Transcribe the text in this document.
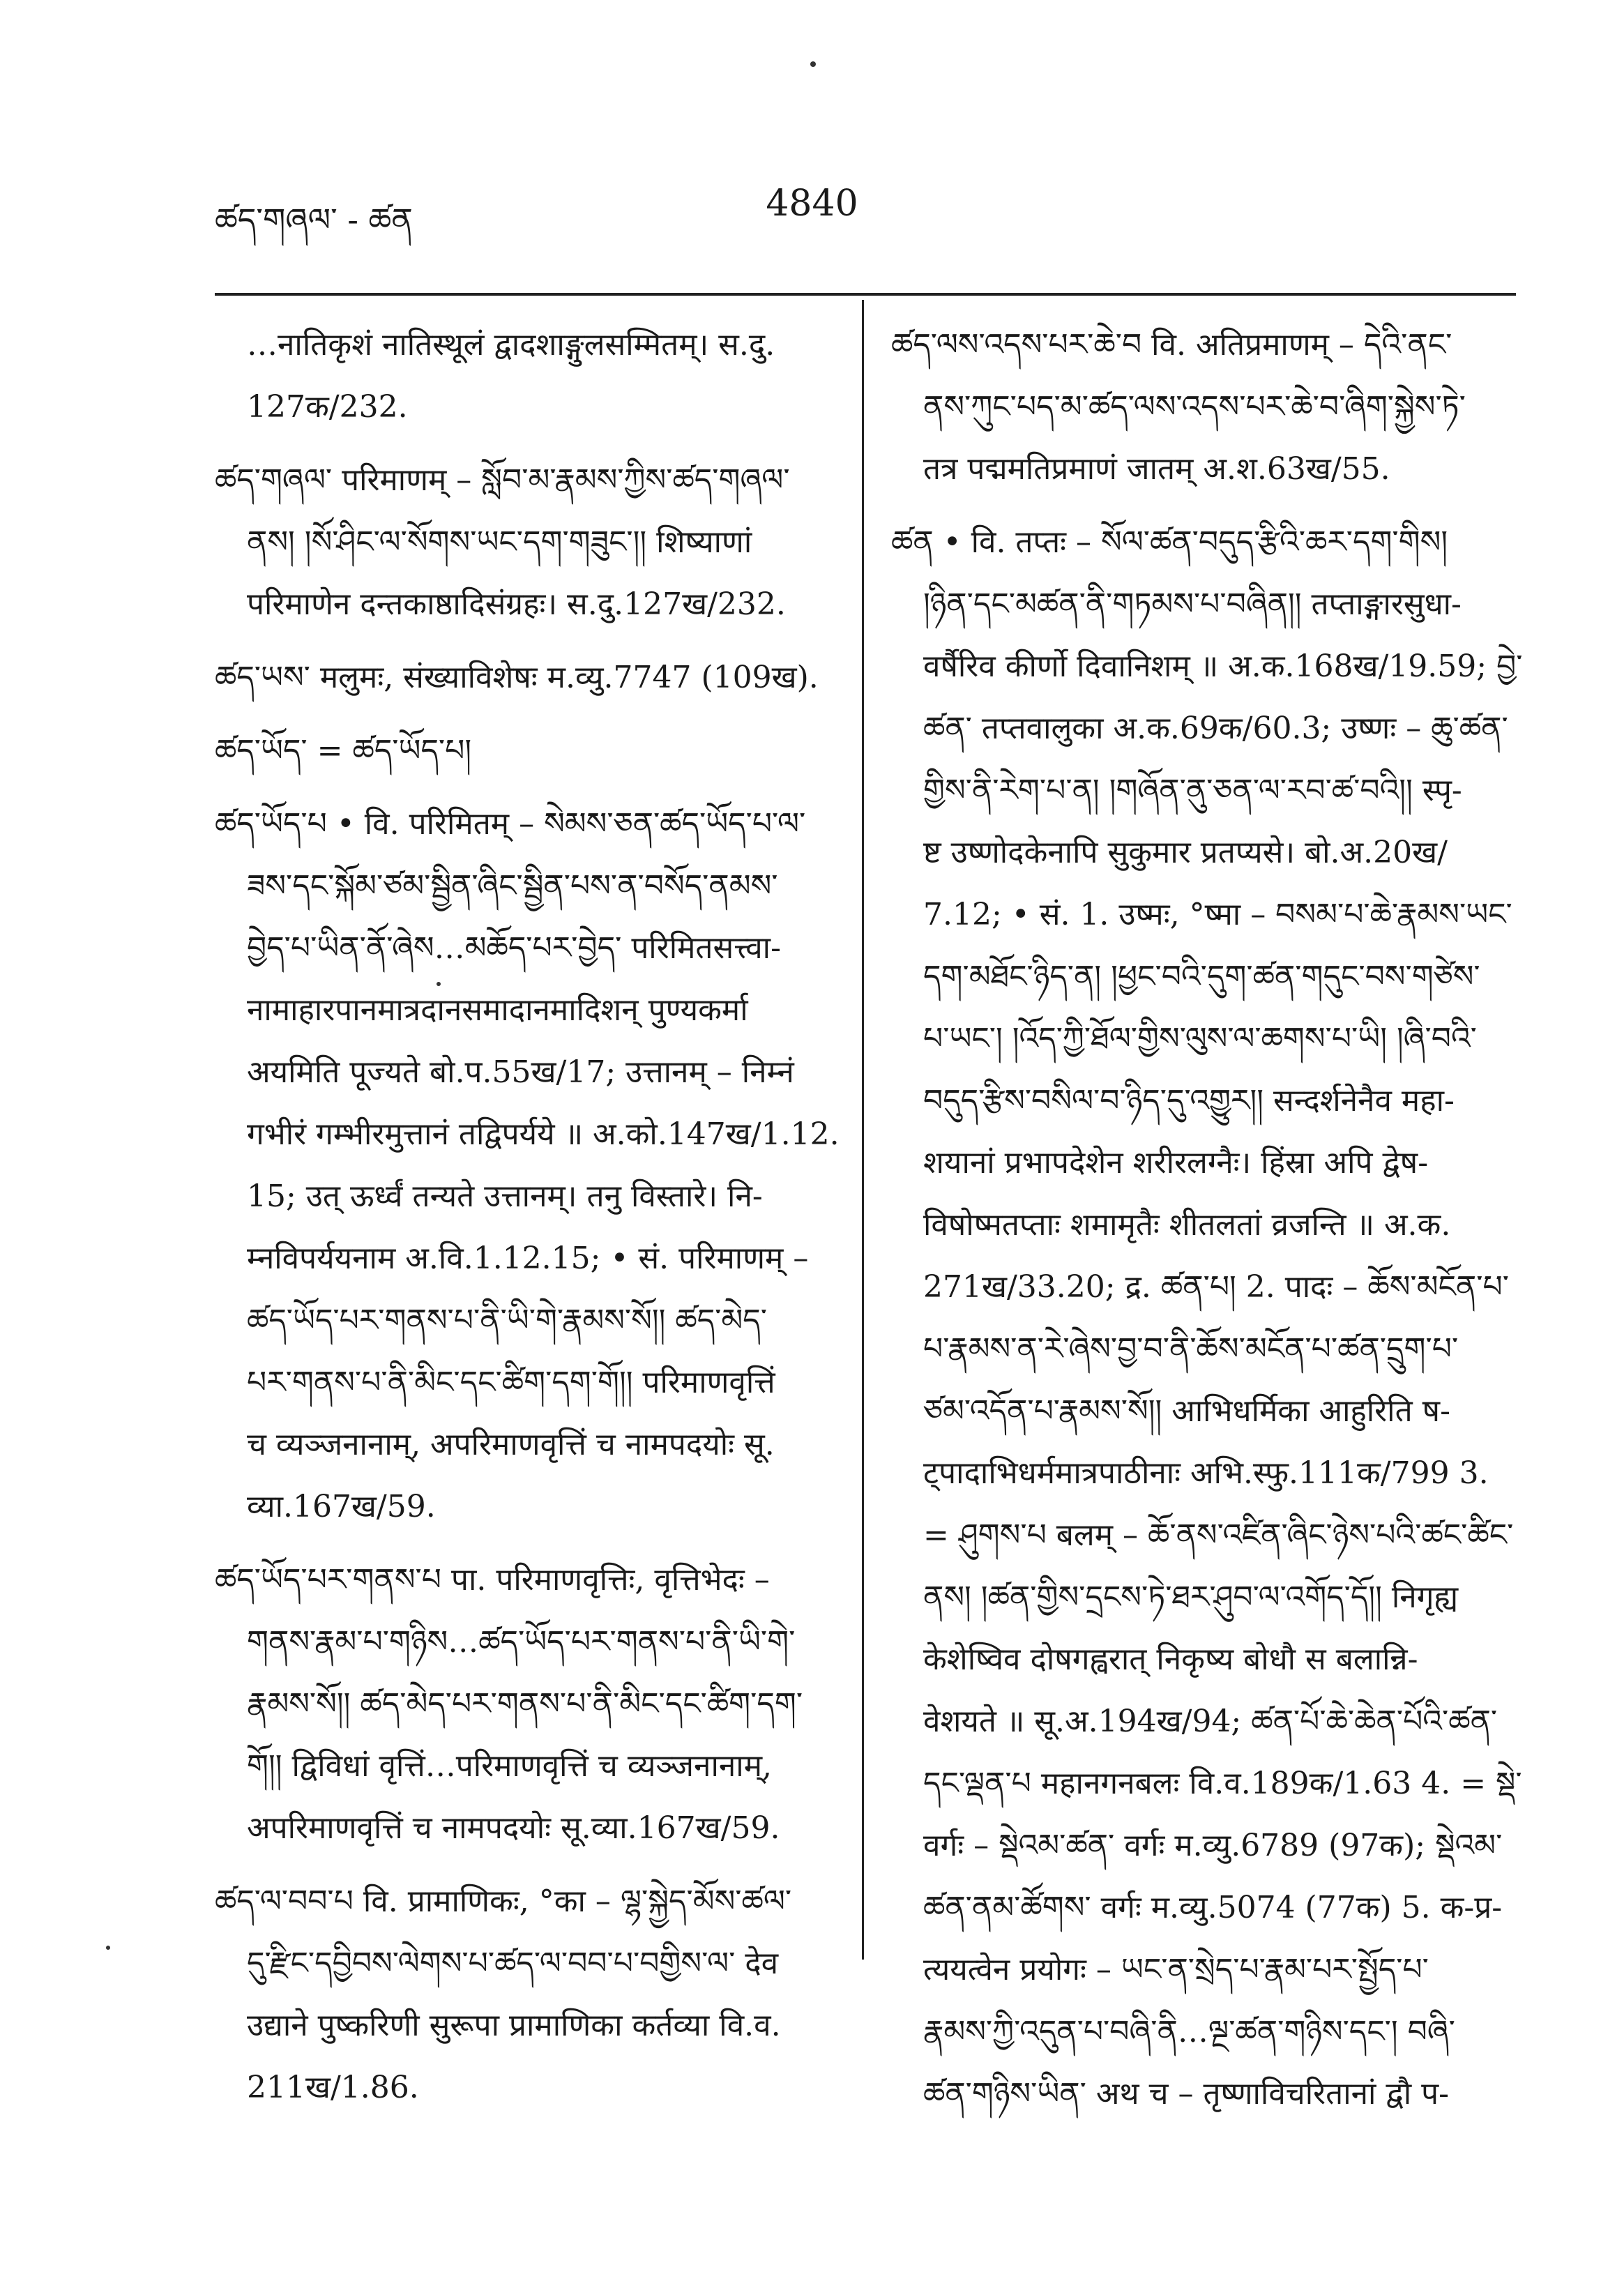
ཚད་གཞལ་ - ཚན	4840
…नातिकृशं नातिस्थूलं द्वादशाङ्गुलसम्मितम्। स.दु.
127क/232.
ཚད་གཞལ་ परिमाणम् – སློབ་མ་རྣམས་ཀྱིས་ཚད་གཞལ་
ནས། །སོ་ཤིང་ལ་སོགས་ཡང་དག་གཟུང་།། शिष्याणां
परिमाणेन दन्तकाष्ठादिसंग्रहः। स.दु.127ख/232.
ཚད་ཡས་ मलुमः, संख्याविशेषः म.व्यु.7747 (109ख).
ཚད་ཡོད་ = ཚད་ཡོད་པ།
ཚད་ཡོད་པ • वि. परिमितम् – སེམས་ཅན་ཚད་ཡོད་པ་ལ་
ཟས་དང་སྐོམ་ཙམ་སྦྱིན་ཞིང་སྦྱིན་པས་ན་བསོད་ནམས་
བྱེད་པ་ཡིན་ནོ་ཞེས…མཆོད་པར་བྱེད་ परिमितसत्त्वा-
नामाहारपानमात्रदानसमादानमादिशन् पुण्यकर्मा
अयमिति पूज्यते बो.प.55ख/17; उत्तानम् – निम्नं
गभीरं गम्भीरमुत्तानं तद्विपर्यये ॥ अ.को.147ख/1.12.
15; उत् ऊर्ध्वं तन्यते उत्तानम्। तनु विस्तारे। नि-
म्नविपर्ययनाम अ.वि.1.12.15; • सं. परिमाणम् –
ཚད་ཡོད་པར་གནས་པ་ནི་ཡི་གེ་རྣམས་སོ།། ཚད་མེད་
པར་གནས་པ་ནི་མིང་དང་ཚིག་དག་གོ།། परिमाणवृत्तिं
च व्यञ्जनानाम्, अपरिमाणवृत्तिं च नामपदयोः सू.
व्या.167ख/59.
ཚད་ཡོད་པར་གནས་པ पा. परिमाणवृत्तिः, वृत्तिभेदः –
གནས་རྣམ་པ་གཉིས…ཚད་ཡོད་པར་གནས་པ་ནི་ཡི་གེ་
རྣམས་སོ།། ཚད་མེད་པར་གནས་པ་ནི་མིང་དང་ཚིག་དག་
གོ།། द्विविधां वृत्तिं…परिमाणवृत्तिं च व्यञ्जनानाम्,
अपरिमाणवृत्तिं च नामपदयोः सू.व्या.167ख/59.
ཚད་ལ་བབ་པ वि. प्रामाणिकः, °का – ལྷ་སྐྱེད་མོས་ཚལ་
དུ་རྫིང་དབྱིབས་ལེགས་པ་ཚད་ལ་བབ་པ་བགྱིས་ལ་ देव
उद्याने पुष्करिणी सुरूपा प्रामाणिका कर्तव्या वि.व.
211ख/1.86.
ཚད་ལས་འདས་པར་ཆེ་བ वि. अतिप्रमाणम् – དེའི་ནང་
ནས་ཀུང་པད་མ་ཚད་ལས་འདས་པར་ཆེ་བ་ཞིག་སྐྱེས་ཏེ་
तत्र पद्ममतिप्रमाणं जातम् अ.श.63ख/55.
ཚན • वि. तप्तः – སོལ་ཚན་བདུད་རྩིའི་ཆར་དག་གིས།
།ཉིན་དང་མཚན་ནི་གཏམས་པ་བཞིན།། तप्ताङ्गारसुधा-
वर्षैरिव कीर्णो दिवानिशम् ॥ अ.क.168ख/19.59; བྱེ་
ཚན་ तप्तवालुका अ.क.69क/60.3; उष्णः – ཆུ་ཚན་
གྱིས་ནི་རེག་པ་ན། །གཞོན་ནུ་ཅན་ལ་རབ་ཚ་བའི།། स्पृ-
ष्ट उष्णोदकेनापि सुकुमार प्रतप्यसे। बो.अ.20ख/
7.12; • सं. 1. उष्मः, °ष्मा – བསམ་པ་ཆེ་རྣམས་ཡང་
དག་མཐོང་ཉིད་ན། །ཕྱང་བའི་དུག་ཚན་གདུང་བས་གཙེས་
པ་ཡང་། །འོད་ཀྱི་ཐོལ་གྱིས་ལུས་ལ་ཆགས་པ་ཡི། །ཞི་བའི་
བདུད་རྩིས་བསིལ་བ་ཉིད་དུ་འགྱུར།། सन्दर्शनेनैव महा-
शयानां प्रभापदेशेन शरीरलग्नैः। हिंस्रा अपि द्वेष-
विषोष्मतप्ताः शमामृतैः शीतलतां व्रजन्ति ॥ अ.क.
271ख/33.20; द्र. ཚན་པ། 2. पादः – ཆོས་མངོན་པ་
པ་རྣམས་ན་རེ་ཞེས་བྱ་བ་ནི་ཆོས་མངོན་པ་ཚན་དྲུག་པ་
ཙམ་འདོན་པ་རྣམས་སོ།། आभिधर्मिका आहुरिति ष-
ट्पादाभिधर्ममात्रपाठीनाः अभि.स्फु.111क/799 3.
= ཤུགས་པ बलम् – ཆོ་ནས་འཛིན་ཞིང་ཉེས་པའི་ཚང་ཚིང་
ནས། །ཚན་གྱིས་དྲངས་ཏེ་ཐར་ཤུབ་ལ་འགོད་དོ།། निगृह्य
केशेष्विव दोषगह्वरात् निकृष्य बोधौ स बलान्नि-
वेशयते ॥ सू.अ.194ख/94; ཚན་པོ་ཆེ་ཆེན་པོའི་ཚན་
དང་ལྡན་པ महानगनबलः वि.व.189क/1.63 4. = སྡེ་
वर्गः – སྡེའམ་ཚན་ वर्गः म.व्यु.6789 (97क); སྡེའམ་
ཚན་ནམ་ཚོགས་ वर्गः म.व्यु.5074 (77क) 5. क-प्र-
त्ययत्वेन प्रयोगः – ཡང་ན་སྲེད་པ་རྣམ་པར་སྤྱོད་པ་
རྣམས་ཀྱི་འདུན་པ་བཞི་ནི…ལྔ་ཚན་གཉིས་དང་། བཞི་
ཚན་གཉིས་ཡིན་ अथ च – तृष्णाविचरितानां द्वौ प-
